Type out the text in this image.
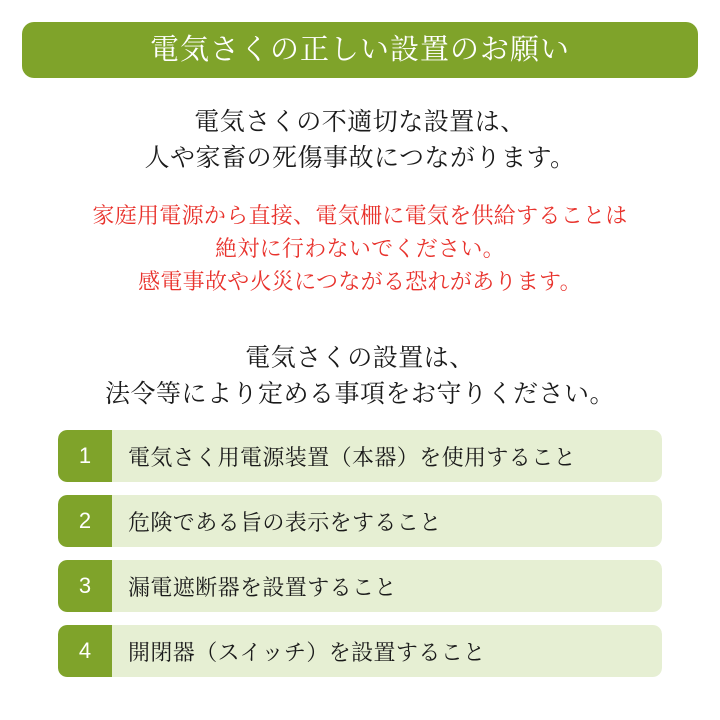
電気さくの正しい設置のお願い
電気さくの不適切な設置は、
人や家畜の死傷事故につながります。
家庭用電源から直接、電気柵に電気を供給することは
絶対に行わないでください。
感電事故や火災につながる恐れがあります。
電気さくの設置は、
法令等により定める事項をお守りください。
1	電気さく用電源装置（本器）を使用すること
2	危険である旨の表示をすること
3	漏電遮断器を設置すること
4	開閉器（スイッチ）を設置すること
